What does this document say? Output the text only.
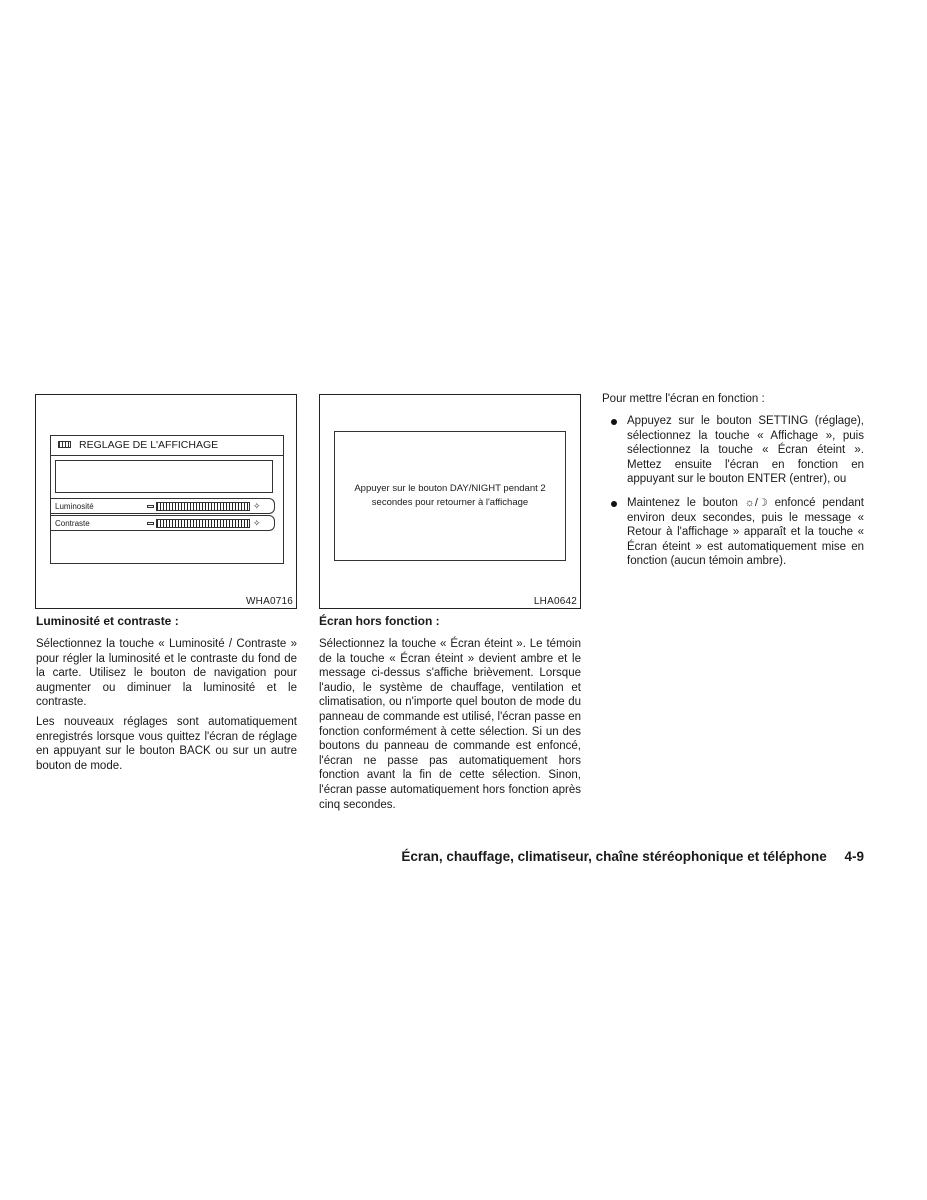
REGLAGE DE L'AFFICHAGE
Luminosité	✧
Contraste	✧
WHA0716
Appuyer sur le bouton DAY/NIGHT pendant 2
secondes pour retourner à l'affichage
LHA0642
Luminosité et contraste :

Sélectionnez la touche « Luminosité / Contraste » pour régler la luminosité et le contraste du fond de la carte. Utilisez le bouton de navigation pour augmenter ou diminuer la luminosité et le contraste.

Les nouveaux réglages sont automatiquement enregistrés lorsque vous quittez l'écran de réglage en appuyant sur le bouton BACK ou sur un autre bouton de mode.

Écran hors fonction :

Sélectionnez la touche « Écran éteint ». Le témoin de la touche « Écran éteint » devient ambre et le message ci-dessus s'affiche brièvement. Lorsque l'audio, le système de chauffage, ventilation et climatisation, ou n'importe quel bouton de mode du panneau de commande est utilisé, l'écran passe en fonction conformément à cette sélection. Si un des boutons du panneau de commande est enfoncé, l'écran ne passe pas automatiquement hors fonction avant la fin de cette sélection. Sinon, l'écran passe automatiquement hors fonction après cinq secondes.

Pour mettre l'écran en fonction :

Appuyez sur le bouton SETTING (réglage), sélectionnez la touche « Affichage », puis sélectionnez la touche « Écran éteint ». Mettez ensuite l'écran en fonction en appuyant sur le bouton ENTER (entrer), ou
Maintenez le bouton ☼/☽ enfoncé pendant environ deux secondes, puis le message « Retour à l'affichage » apparaît et la touche « Écran éteint » est automatiquement mise en fonction (aucun témoin ambre).
Écran, chauffage, climatiseur, chaîne stéréophonique et téléphone 4-9
